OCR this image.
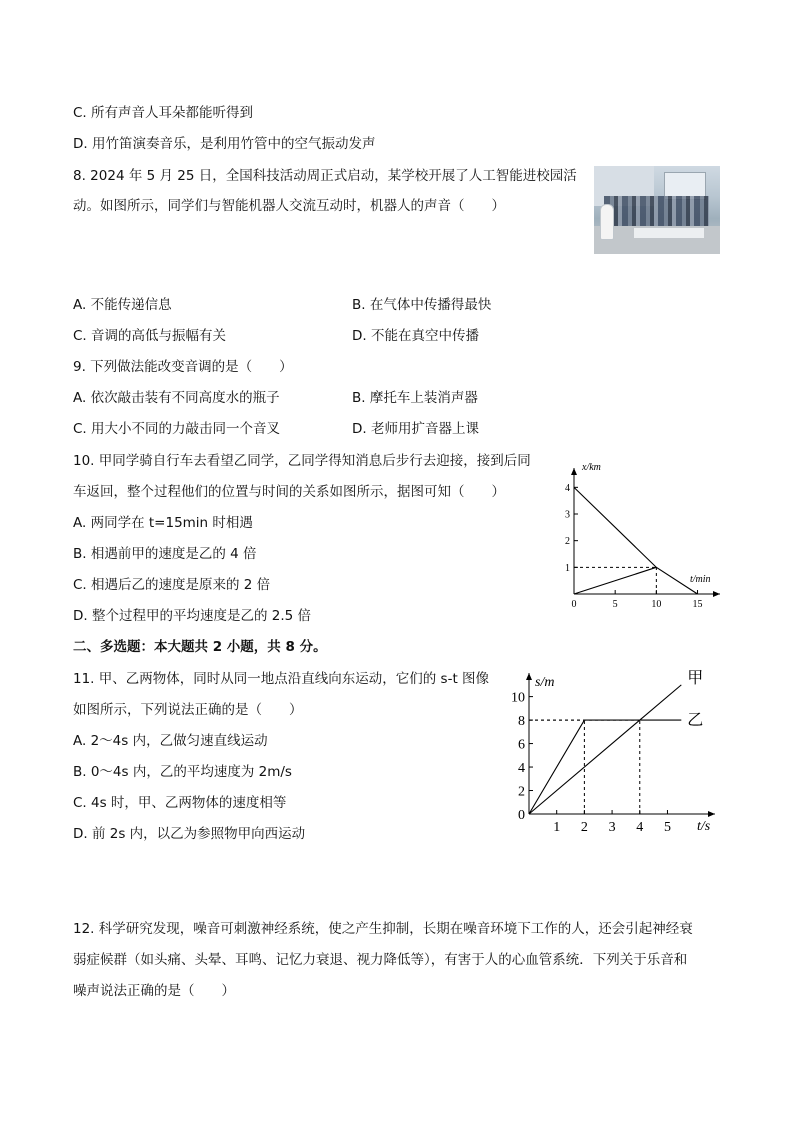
C. 所有声音人耳朵都能听得到
D. 用竹笛演奏音乐，是利用竹管中的空气振动发声
8. 2024 年 5 月 25 日，全国科技活动周正式启动，某学校开展了人工智能进校园活
动。如图所示，同学们与智能机器人交流互动时，机器人的声音（　　）
A. 不能传递信息	B. 在气体中传播得最快
C. 音调的高低与振幅有关	D. 不能在真空中传播
9. 下列做法能改变音调的是（　　）
A. 依次敲击装有不同高度水的瓶子	B. 摩托车上装消声器
C. 用大小不同的力敲击同一个音叉	D. 老师用扩音器上课
10. 甲同学骑自行车去看望乙同学，乙同学得知消息后步行去迎接，接到后同
车返回，整个过程他们的位置与时间的关系如图所示，据图可知（　　）
A. 两同学在 t=15min 时相遇
B. 相遇前甲的速度是乙的 4 倍
C. 相遇后乙的速度是原来的 2 倍
D. 整个过程甲的平均速度是乙的 2.5 倍
二、多选题：本大题共 2 小题，共 8 分。
11. 甲、乙两物体，同时从同一地点沿直线向东运动，它们的 s-t 图像
如图所示，下列说法正确的是（　　）
A. 2～4s 内，乙做匀速直线运动
B. 0～4s 内，乙的平均速度为 2m/s
C. 4s 时，甲、乙两物体的速度相等
D. 前 2s 内，以乙为参照物甲向西运动
12. 科学研究发现，噪音可刺激神经系统，使之产生抑制，长期在噪音环境下工作的人，还会引起神经衰
弱症候群（如头痛、头晕、耳鸣、记忆力衰退、视力降低等），有害于人的心血管系统．下列关于乐音和
噪声说法正确的是（　　）
t/min
x/km
0	5	10	15
1
2
3
4
t/s
s/m
1 2 3 4 5
0
2
4
6
8
10
甲
乙
